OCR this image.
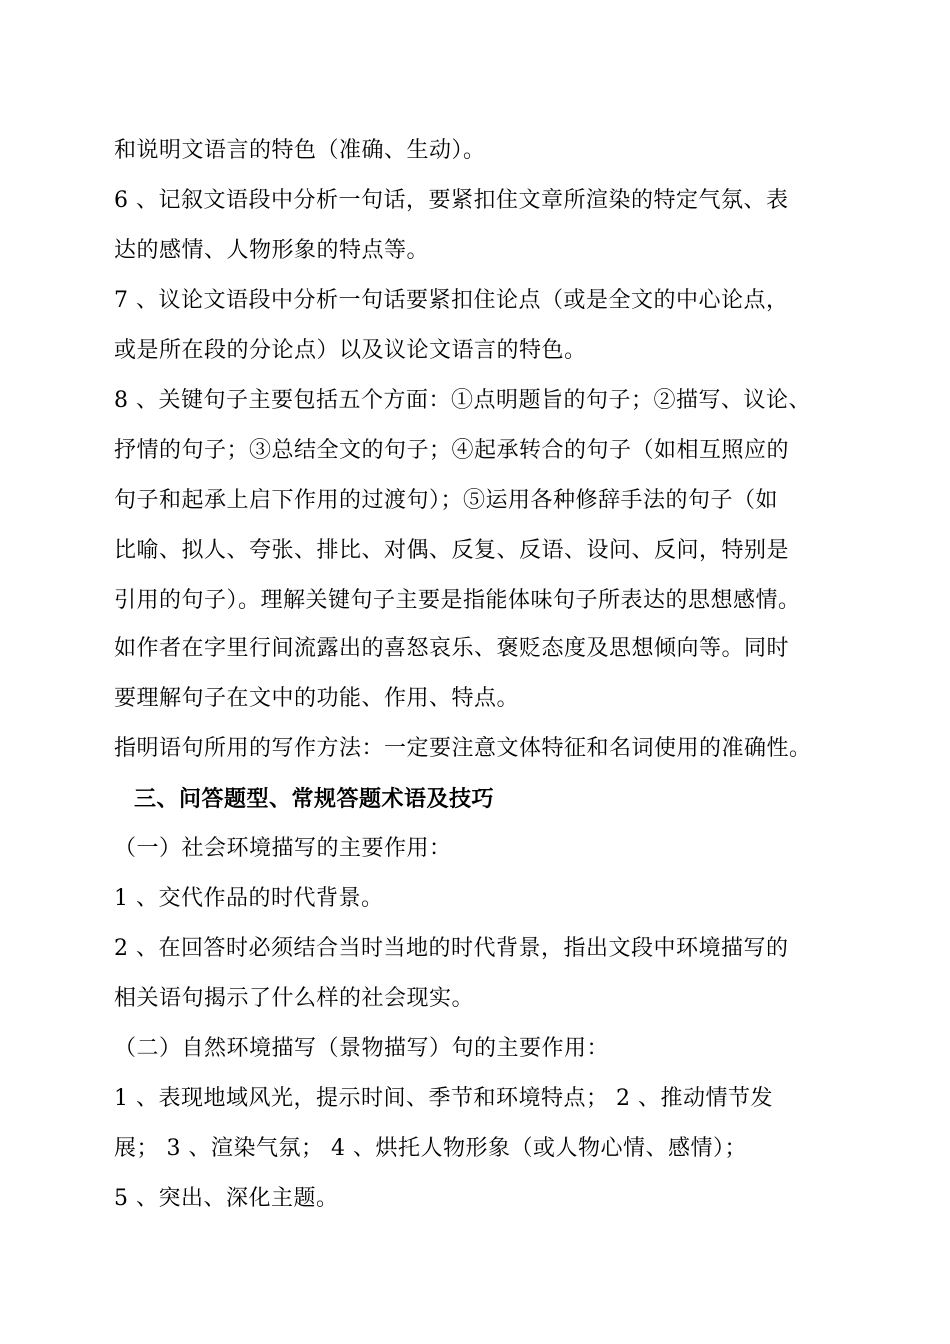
和说明文语言的特色（准确、生动）。
6 、记叙文语段中分析一句话，要紧扣住文章所渲染的特定气氛、表
达的感情、人物形象的特点等。
7 、议论文语段中分析一句话要紧扣住论点（或是全文的中心论点，
或是所在段的分论点）以及议论文语言的特色。
8 、关键句子主要包括五个方面：①点明题旨的句子；②描写、议论、
抒情的句子；③总结全文的句子；④起承转合的句子（如相互照应的
句子和起承上启下作用的过渡句）；⑤运用各种修辞手法的句子（如
比喻、拟人、夸张、排比、对偶、反复、反语、设问、反问，特别是
引用的句子）。理解关键句子主要是指能体味句子所表达的思想感情。
如作者在字里行间流露出的喜怒哀乐、褒贬态度及思想倾向等。同时
要理解句子在文中的功能、作用、特点。
指明语句所用的写作方法：一定要注意文体特征和名词使用的准确性。
三、问答题型、常规答题术语及技巧
（一）社会环境描写的主要作用：
1 、交代作品的时代背景。
2 、在回答时必须结合当时当地的时代背景，指出文段中环境描写的
相关语句揭示了什么样的社会现实。
（二）自然环境描写（景物描写）句的主要作用：
1 、表现地域风光，提示时间、季节和环境特点； 2 、推动情节发
展； 3 、渲染气氛； 4 、烘托人物形象（或人物心情、感情）；
5 、突出、深化主题。
